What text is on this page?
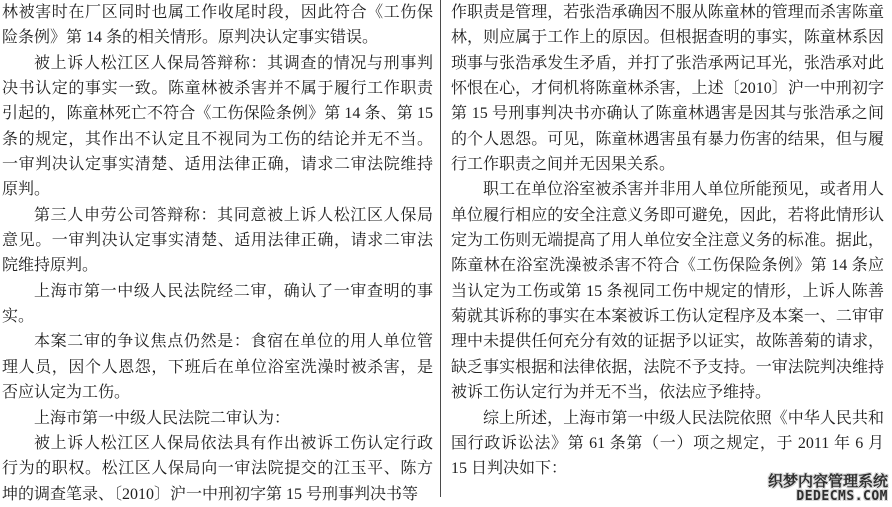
林被害时在厂区同时也属工作收尾时段，因此符合《工伤保险条例》第 14 条的相关情形。原判决认定事实错误。

被上诉人松江区人保局答辩称：其调查的情况与刑事判决书认定的事实一致。陈童林被杀害并不属于履行工作职责引起的，陈童林死亡不符合《工伤保险条例》第 14 条、第 15 条的规定，其作出不认定且不视同为工伤的结论并无不当。一审判决认定事实清楚、适用法律正确，请求二审法院维持原判。

第三人申劳公司答辩称：其同意被上诉人松江区人保局意见。一审判决认定事实清楚、适用法律正确，请求二审法院维持原判。

上海市第一中级人民法院经二审，确认了一审查明的事实。

本案二审的争议焦点仍然是：食宿在单位的用人单位管理人员，因个人恩怨，下班后在单位浴室洗澡时被杀害，是否应认定为工伤。

上海市第一中级人民法院二审认为：

被上诉人松江区人保局依法具有作出被诉工伤认定行政行为的职权。松江区人保局向一审法院提交的江玉平、陈方坤的调查笔录、〔2010〕沪一中刑初字第 15 号刑事判决书等

作职责是管理，若张浩承确因不服从陈童林的管理而杀害陈童林，则应属于工作上的原因。但根据查明的事实，陈童林系因琐事与张浩承发生矛盾，并打了张浩承两记耳光，张浩承对此怀恨在心，才伺机将陈童林杀害，上述〔2010〕沪一中刑初字第 15 号刑事判决书亦确认了陈童林遇害是因其与张浩承之间的个人恩怨。可见，陈童林遇害虽有暴力伤害的结果，但与履行工作职责之间并无因果关系。

职工在单位浴室被杀害并非用人单位所能预见，或者用人单位履行相应的安全注意义务即可避免，因此，若将此情形认定为工伤则无端提高了用人单位安全注意义务的标准。据此，陈童林在浴室洗澡被杀害不符合《工伤保险条例》第 14 条应当认定为工伤或第 15 条视同工伤中规定的情形，上诉人陈善菊就其诉称的事实在本案被诉工伤认定程序及本案一、二审审理中未提供任何充分有效的证据予以证实，故陈善菊的请求，缺乏事实根据和法律依据，法院不予支持。一审法院判决维持被诉工伤认定行为并无不当，依法应予维持。

综上所述，上海市第一中级人民法院依照《中华人民共和国行政诉讼法》第 61 条第（一）项之规定，于 2011 年 6 月 15 日判决如下：

织梦内容管理系统
DEDECMS.COM
